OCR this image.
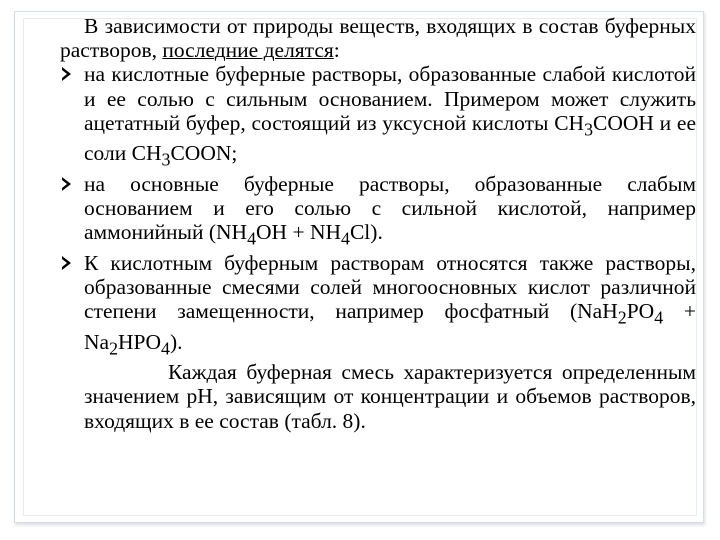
В зависимости от природы веществ, входящих в состав буферных растворов, последние делятся:

на кислотные буферные растворы, образованные слабой кислотой и ее солью с сильным основанием. Примером может служить ацетатный буфер, состоящий из уксусной кислоты $СН_3СООН$ и ее соли $СН_3СООN$;

на основные буферные растворы, образованные слабым основанием и его солью с сильной кислотой, например аммонийный $(NH_4OH + NH_4Cl)$.

К кислотным буферным растворам относятся также растворы, образованные смесями солей многоосновных кислот различной степени замещенности, например фосфатный $(NaH_2PO_4 + Na_2HPO_4)$.

Каждая буферная смесь характеризуется определенным значением pH, зависящим от концентрации и объемов растворов, входящих в ее состав (табл. 8).
